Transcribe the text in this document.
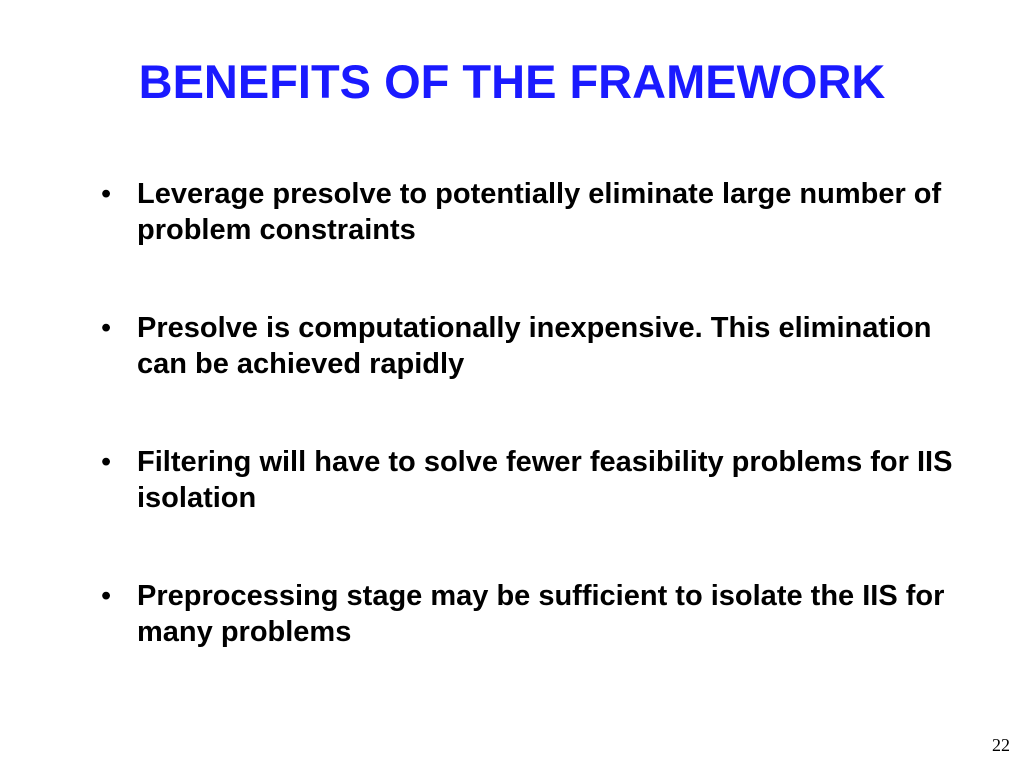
BENEFITS OF THE FRAMEWORK
• Leverage presolve to potentially eliminate large number of problem constraints
• Presolve is computationally inexpensive. This elimination can be achieved rapidly
• Filtering will have to solve fewer feasibility problems for IIS isolation
• Preprocessing stage may be sufficient to isolate the IIS for many problems
22
